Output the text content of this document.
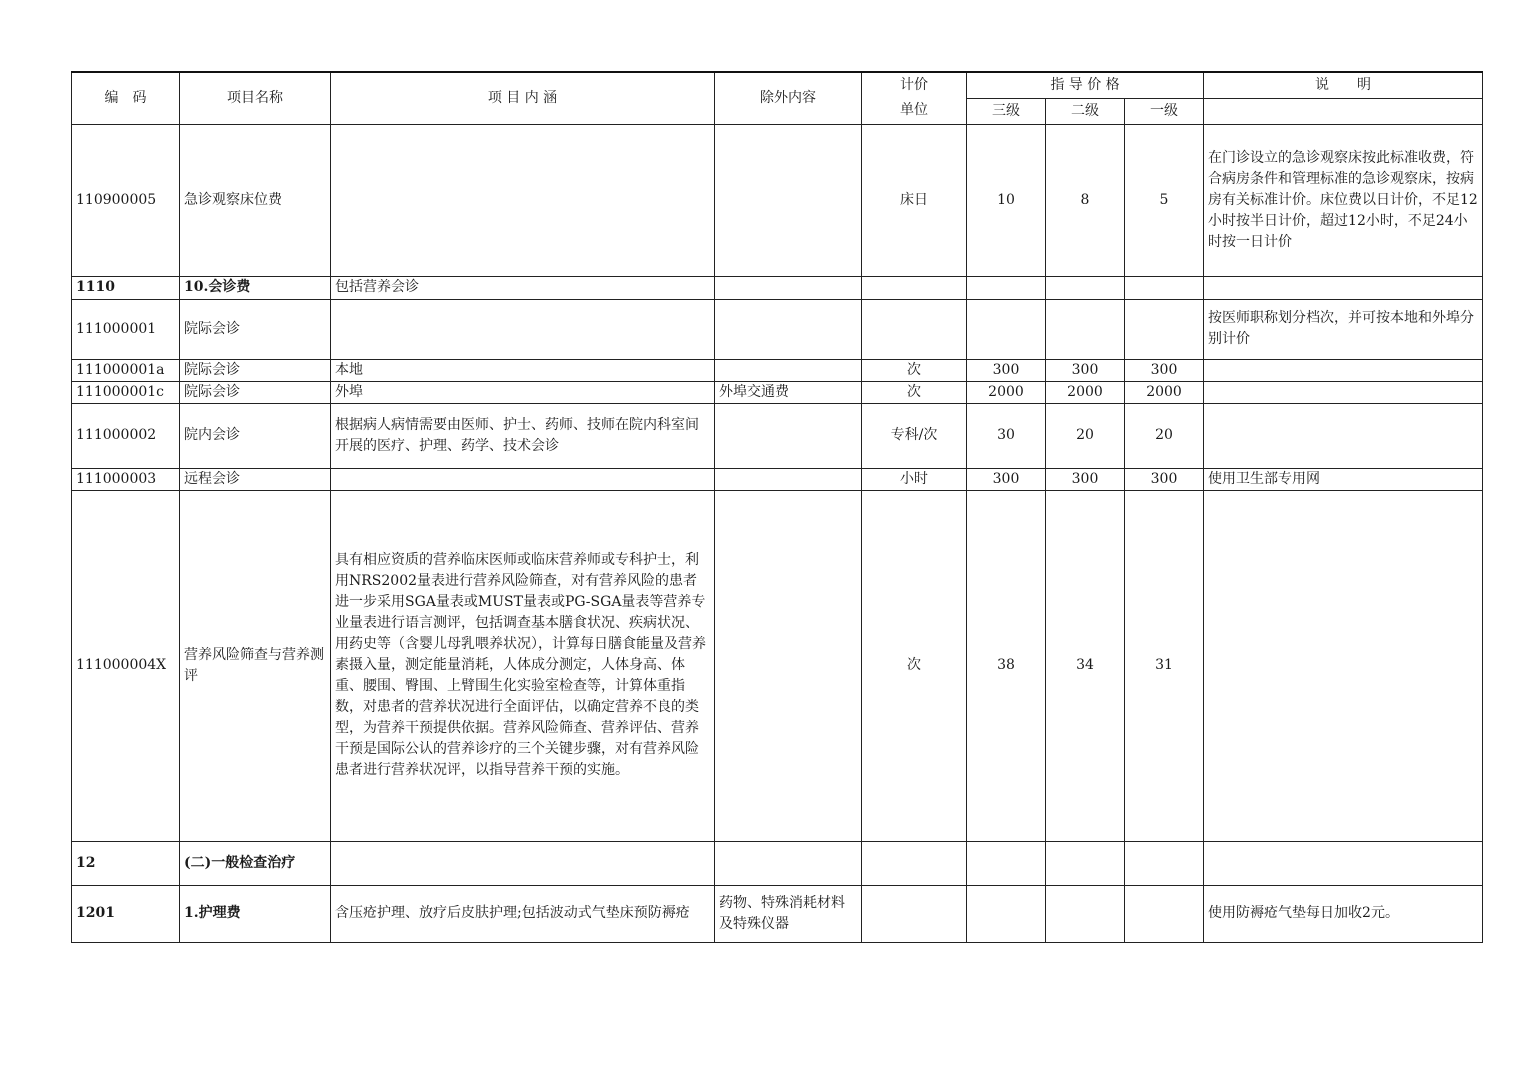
编　码	项目名称	项 目 内 涵	除外内容	计价	指 导 价 格			说　　明
				单位	三级	二级	一级	
110900005	急诊观察床位费			床日	10	8	5	在门诊设立的急诊观察床按此标准收费，符合病房条件和管理标准的急诊观察床，按病房有关标准计价。床位费以日计价，不足12小时按半日计价，超过12小时，不足24小时按一日计价
1110	10.会诊费	包括营养会诊						
111000001	院际会诊							按医师职称划分档次，并可按本地和外埠分别计价
111000001a	院际会诊	本地		次	300	300	300	
111000001c	院际会诊	外埠	外埠交通费	次	2000	2000	2000	
111000002	院内会诊	根据病人病情需要由医师、护士、药师、技师在院内科室间开展的医疗、护理、药学、技术会诊		专科/次	30	20	20	
111000003	远程会诊			小时	300	300	300	使用卫生部专用网
111000004X	营养风险筛查与营养测评	具有相应资质的营养临床医师或临床营养师或专科护士，利用NRS2002量表进行营养风险筛查，对有营养风险的患者进一步采用SGA量表或MUST量表或PG-SGA量表等营养专业量表进行语言测评，包括调查基本膳食状况、疾病状况、用药史等（含婴儿母乳喂养状况），计算每日膳食能量及营养素摄入量，测定能量消耗，人体成分测定，人体身高、体重、腰围、臀围、上臂围生化实验室检查等，计算体重指数，对患者的营养状况进行全面评估，以确定营养不良的类型，为营养干预提供依据。营养风险筛查、营养评估、营养干预是国际公认的营养诊疗的三个关键步骤，对有营养风险患者进行营养状况评，以指导营养干预的实施。		次	38	34	31	
12	(二)一般检查治疗							
1201	1.护理费	含压疮护理、放疗后皮肤护理;包括波动式气垫床预防褥疮	药物、特殊消耗材料及特殊仪器					使用防褥疮气垫每日加收2元。
